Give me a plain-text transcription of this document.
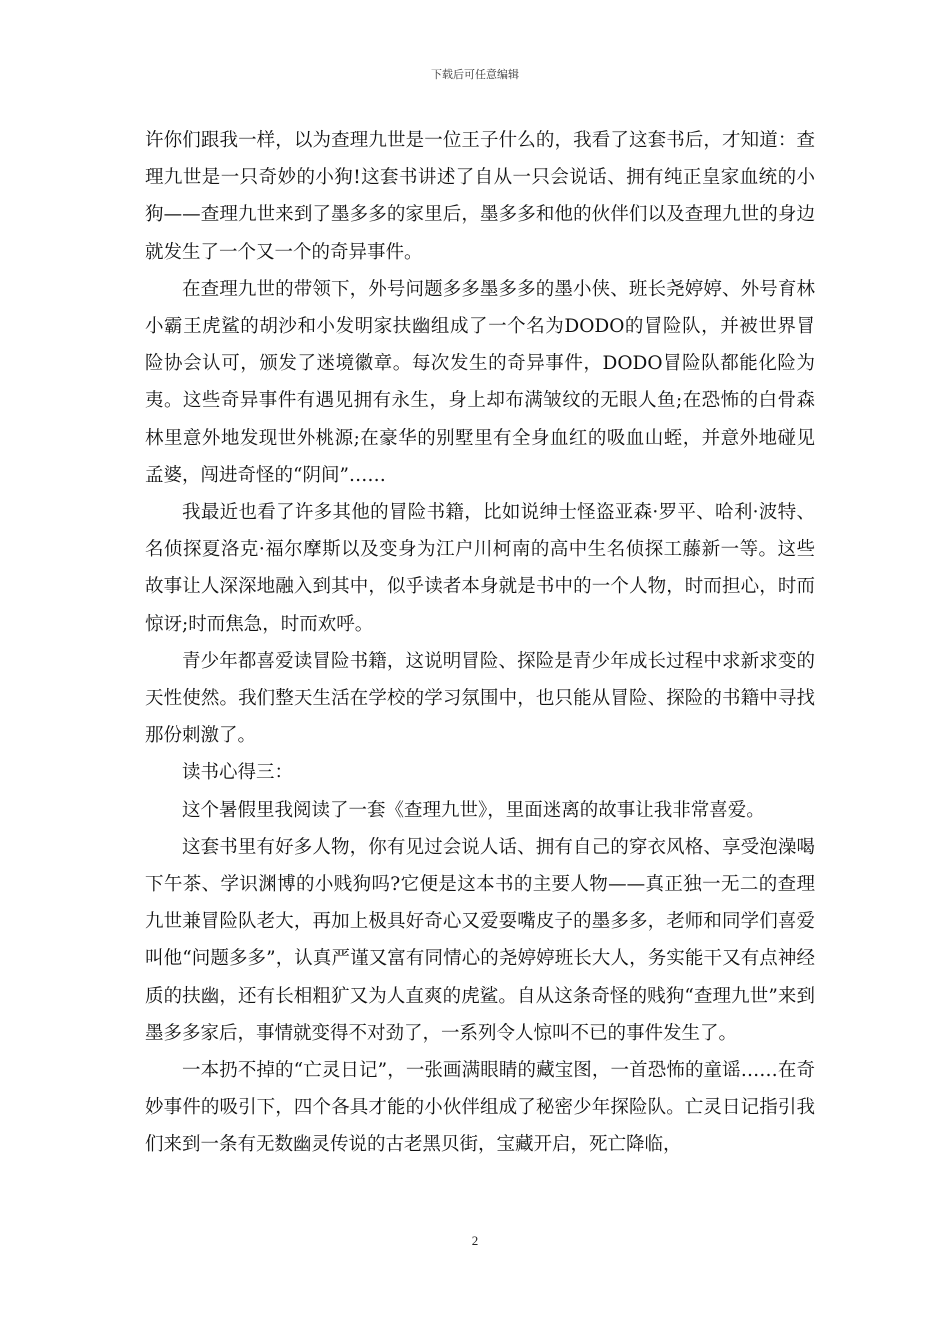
下载后可任意编辑

许你们跟我一样，以为查理九世是一位王子什么的，我看了这套书后，才知道：查理九世是一只奇妙的小狗!这套书讲述了自从一只会说话、拥有纯正皇家血统的小狗——查理九世来到了墨多多的家里后，墨多多和他的伙伴们以及查理九世的身边就发生了一个又一个的奇异事件。

在查理九世的带领下，外号问题多多墨多多的墨小侠、班长尧婷婷、外号育林小霸王虎鲨的胡沙和小发明家扶幽组成了一个名为DODO的冒险队，并被世界冒险协会认可，颁发了迷境徽章。每次发生的奇异事件，DODO冒险队都能化险为夷。这些奇异事件有遇见拥有永生，身上却布满皱纹的无眼人鱼;在恐怖的白骨森林里意外地发现世外桃源;在豪华的别墅里有全身血红的吸血山蛭，并意外地碰见孟婆，闯进奇怪的“阴间”……

我最近也看了许多其他的冒险书籍，比如说绅士怪盗亚森·罗平、哈利·波特、名侦探夏洛克·福尔摩斯以及变身为江户川柯南的高中生名侦探工藤新一等。这些故事让人深深地融入到其中，似乎读者本身就是书中的一个人物，时而担心，时而惊讶;时而焦急，时而欢呼。

青少年都喜爱读冒险书籍，这说明冒险、探险是青少年成长过程中求新求变的天性使然。我们整天生活在学校的学习氛围中，也只能从冒险、探险的书籍中寻找那份刺激了。

读书心得三：

这个暑假里我阅读了一套《查理九世》，里面迷离的故事让我非常喜爱。

这套书里有好多人物，你有见过会说人话、拥有自己的穿衣风格、享受泡澡喝下午茶、学识渊博的小贱狗吗?它便是这本书的主要人物——真正独一无二的查理九世兼冒险队老大，再加上极具好奇心又爱耍嘴皮子的墨多多，老师和同学们喜爱叫他“问题多多”，认真严谨又富有同情心的尧婷婷班长大人，务实能干又有点神经质的扶幽，还有长相粗犷又为人直爽的虎鲨。自从这条奇怪的贱狗“查理九世”来到墨多多家后，事情就变得不对劲了，一系列令人惊叫不已的事件发生了。

一本扔不掉的“亡灵日记”，一张画满眼睛的藏宝图，一首恐怖的童谣……在奇妙事件的吸引下，四个各具才能的小伙伴组成了秘密少年探险队。亡灵日记指引我们来到一条有无数幽灵传说的古老黑贝街，宝藏开启，死亡降临，

2
